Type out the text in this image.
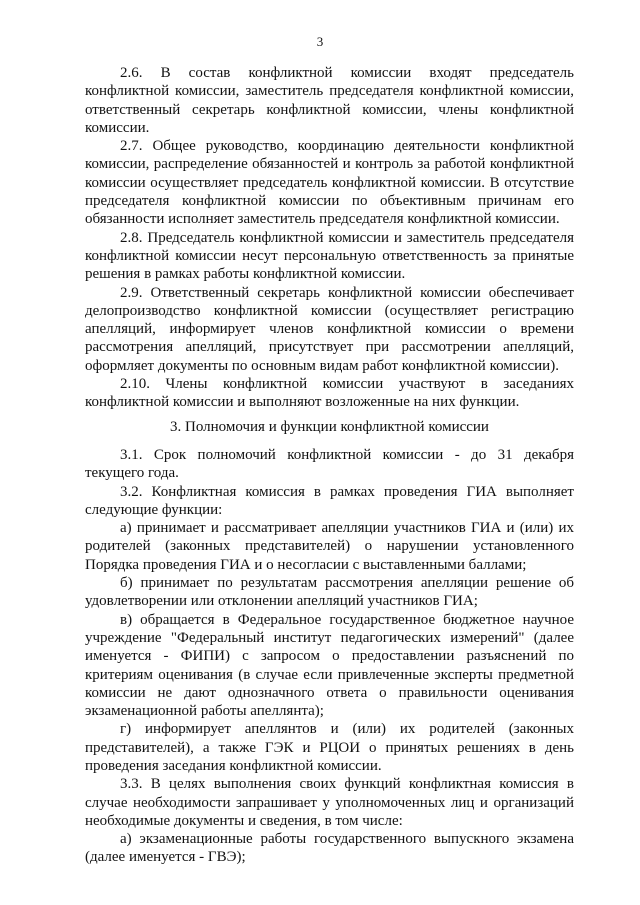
3

2.6. В состав конфликтной комиссии входят председатель конфликтной комиссии, заместитель председателя конфликтной комиссии, ответственный секретарь конфликтной комиссии, члены конфликтной комиссии.

2.7. Общее руководство, координацию деятельности конфликтной комиссии, распределение обязанностей и контроль за работой конфликтной комиссии осуществляет председатель конфликтной комиссии. В отсутствие председателя конфликтной комиссии по объективным причинам его обязанности исполняет заместитель председателя конфликтной комиссии.

2.8. Председатель конфликтной комиссии и заместитель председателя конфликтной комиссии несут персональную ответственность за принятые решения в рамках работы конфликтной комиссии.

2.9. Ответственный секретарь конфликтной комиссии обеспечивает делопроизводство конфликтной комиссии (осуществляет регистрацию апелляций, информирует членов конфликтной комиссии о времени рассмотрения апелляций, присутствует при рассмотрении апелляций, оформляет документы по основным видам работ конфликтной комиссии).

2.10. Члены конфликтной комиссии участвуют в заседаниях конфликтной комиссии и выполняют возложенные на них функции.

3. Полномочия и функции конфликтной комиссии

3.1. Срок полномочий конфликтной комиссии - до 31 декабря текущего года.

3.2. Конфликтная комиссия в рамках проведения ГИА выполняет следующие функции:

а) принимает и рассматривает апелляции участников ГИА и (или) их родителей (законных представителей) о нарушении установленного Порядка проведения ГИА и о несогласии с выставленными баллами;

б) принимает по результатам рассмотрения апелляции решение об удовлетворении или отклонении апелляций участников ГИА;

в) обращается в Федеральное государственное бюджетное научное учреждение "Федеральный институт педагогических измерений" (далее именуется - ФИПИ) с запросом о предоставлении разъяснений по критериям оценивания (в случае если привлеченные эксперты предметной комиссии не дают однозначного ответа о правильности оценивания экзаменационной работы апеллянта);

г) информирует апеллянтов и (или) их родителей (законных представителей), а также ГЭК и РЦОИ о принятых решениях в день проведения заседания конфликтной комиссии.

3.3. В целях выполнения своих функций конфликтная комиссия в случае необходимости запрашивает у уполномоченных лиц и организаций необходимые документы и сведения, в том числе:

а) экзаменационные работы государственного выпускного экзамена (далее именуется - ГВЭ);
